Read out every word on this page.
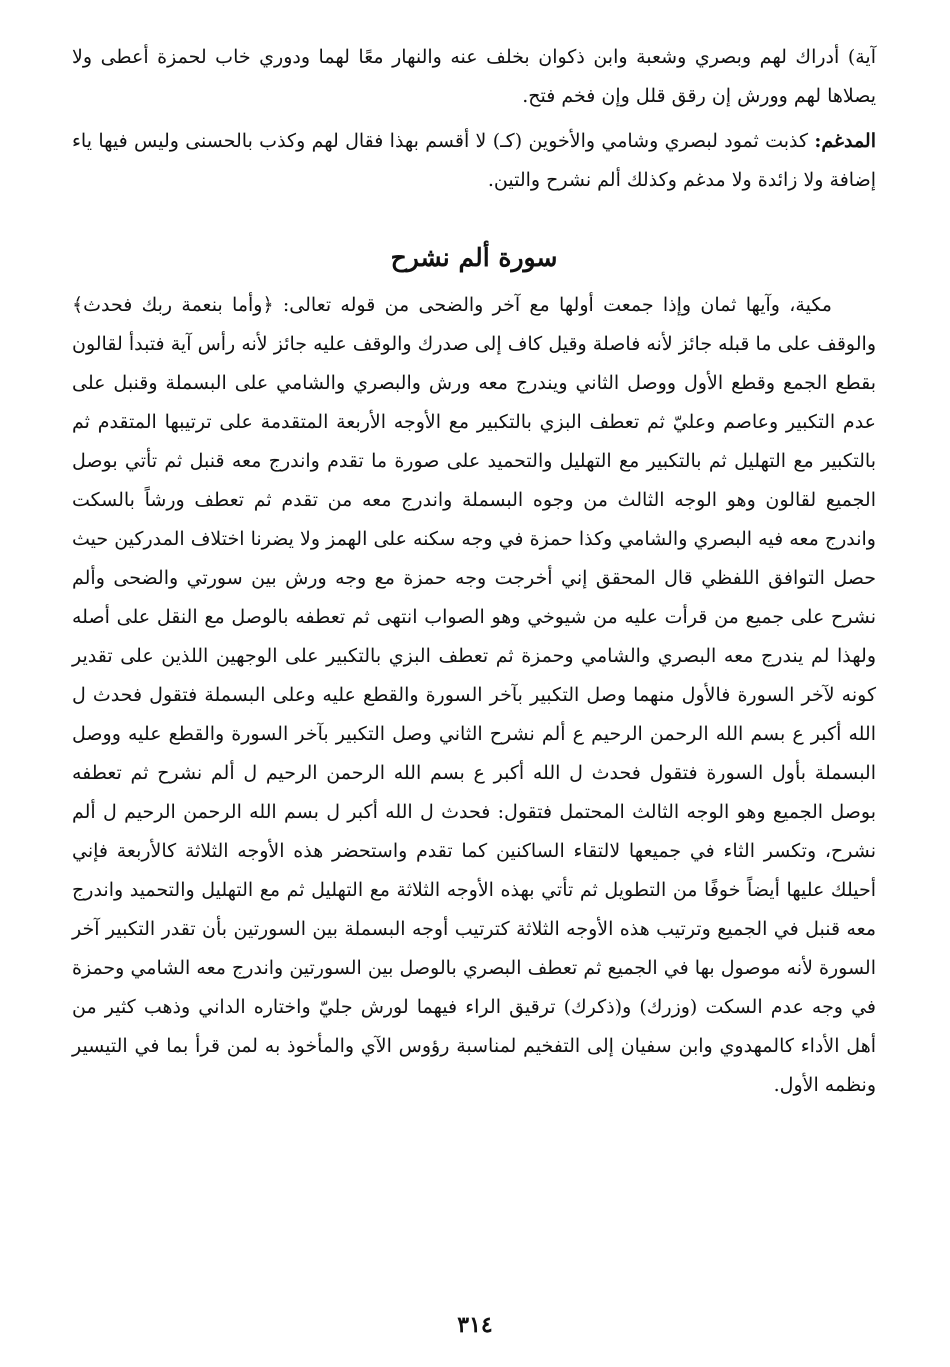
آية) أدراك لهم وبصري وشعبة وابن ذكوان بخلف عنه والنهار معًا لهما ودوري خاب لحمزة أعطى ولا يصلاها لهم وورش إن رقق قلل وإن فخم فتح.

المدغم: كذبت ثمود لبصري وشامي والأخوين (كـ) لا أقسم بهذا فقال لهم وكذب بالحسنى وليس فيها ياء إضافة ولا زائدة ولا مدغم وكذلك ألم نشرح والتين.

سورة ألم نشرح

مكية، وآيها ثمان وإذا جمعت أولها مع آخر والضحى من قوله تعالى: ﴿وأما بنعمة ربك فحدث﴾ والوقف على ما قبله جائز لأنه فاصلة وقيل كاف إلى صدرك والوقف عليه جائز لأنه رأس آية فتبدأ لقالون بقطع الجمع وقطع الأول ووصل الثاني ويندرج معه ورش والبصري والشامي على البسملة وقنبل على عدم التكبير وعاصم وعليّ ثم تعطف البزي بالتكبير مع الأوجه الأربعة المتقدمة على ترتيبها المتقدم ثم بالتكبير مع التهليل ثم بالتكبير مع التهليل والتحميد على صورة ما تقدم واندرج معه قنبل ثم تأتي بوصل الجميع لقالون وهو الوجه الثالث من وجوه البسملة واندرج معه من تقدم ثم تعطف ورشاً بالسكت واندرج معه فيه البصري والشامي وكذا حمزة في وجه سكنه على الهمز ولا يضرنا اختلاف المدركين حيث حصل التوافق اللفظي قال المحقق إني أخرجت وجه حمزة مع وجه ورش بين سورتي والضحى وألم نشرح على جميع من قرأت عليه من شيوخي وهو الصواب انتهى ثم تعطفه بالوصل مع النقل على أصله ولهذا لم يندرج معه البصري والشامي وحمزة ثم تعطف البزي بالتكبير على الوجهين اللذين على تقدير كونه لآخر السورة فالأول منهما وصل التكبير بآخر السورة والقطع عليه وعلى البسملة فتقول فحدث ل الله أكبر ع بسم الله الرحمن الرحيم ع ألم نشرح الثاني وصل التكبير بآخر السورة والقطع عليه ووصل البسملة بأول السورة فتقول فحدث ل الله أكبر ع بسم الله الرحمن الرحيم ل ألم نشرح ثم تعطفه بوصل الجميع وهو الوجه الثالث المحتمل فتقول: فحدث ل الله أكبر ل بسم الله الرحمن الرحيم ل ألم نشرح، وتكسر الثاء في جميعها لالتقاء الساكنين كما تقدم واستحضر هذه الأوجه الثلاثة كالأربعة فإني أحيلك عليها أيضاً خوفًا من التطويل ثم تأتي بهذه الأوجه الثلاثة مع التهليل ثم مع التهليل والتحميد واندرج معه قنبل في الجميع وترتيب هذه الأوجه الثلاثة كترتيب أوجه البسملة بين السورتين بأن تقدر التكبير آخر السورة لأنه موصول بها في الجميع ثم تعطف البصري بالوصل بين السورتين واندرج معه الشامي وحمزة في وجه عدم السكت (وزرك) و(ذكرك) ترقيق الراء فيهما لورش جليّ واختاره الداني وذهب كثير من أهل الأداء كالمهدوي وابن سفيان إلى التفخيم لمناسبة رؤوس الآي والمأخوذ به لمن قرأ بما في التيسير ونظمه الأول.

٣١٤
